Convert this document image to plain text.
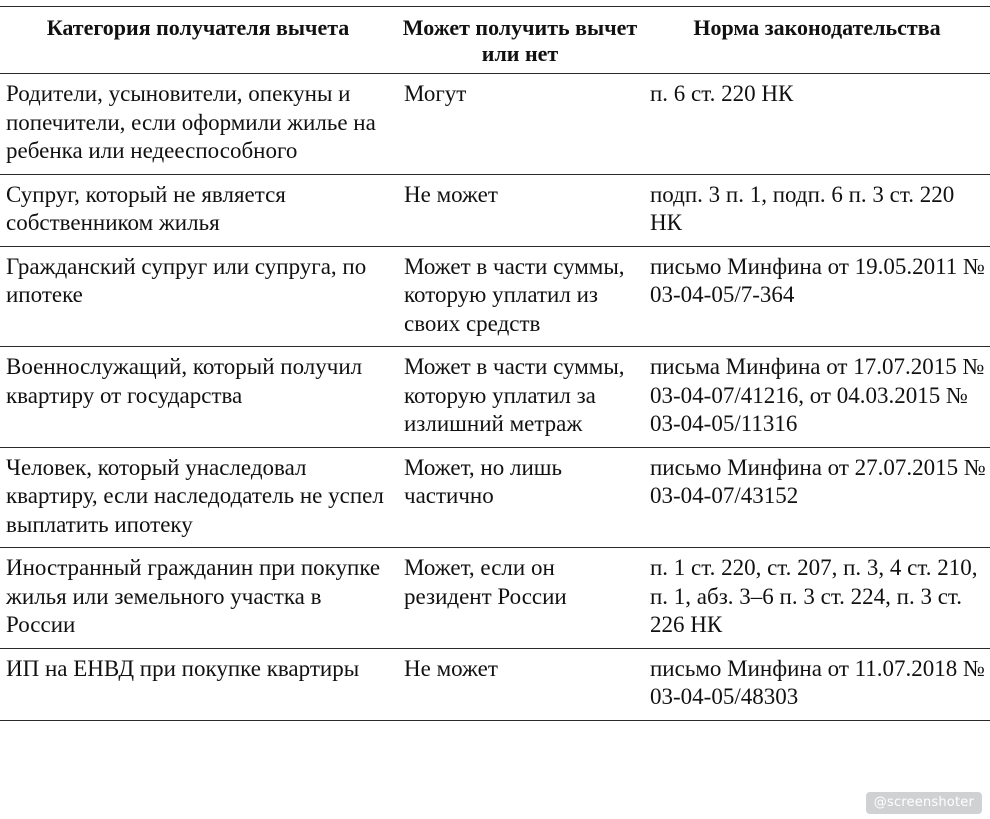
Категория получателя вычета	Может получить вычет или нет	Норма законодательства
Родители, усыновители, опекуны и попечители, если оформили жилье на ребенка или недееспособного	Могут	п. 6 ст. 220 НК
Супруг, который не является собственником жилья	Не может	подп. 3 п. 1, подп. 6 п. 3 ст. 220 НК
Гражданский супруг или супруга, по ипотеке	Может в части суммы, которую уплатил из своих средств	письмо Минфина от 19.05.2011 № 03-04-05/7-364
Военнослужащий, который получил квартиру от государства	Может в части суммы, которую уплатил за излишний метраж	письма Минфина от 17.07.2015 № 03-04-07/41216, от 04.03.2015 № 03-04-05/11316
Человек, который унаследовал квартиру, если наследодатель не успел выплатить ипотеку	Может, но лишь частично	письмо Минфина от 27.07.2015 № 03-04-07/43152
Иностранный гражданин при покупке жилья или земельного участка в России	Может, если он резидент России	п. 1 ст. 220, ст. 207, п. 3, 4 ст. 210, п. 1, абз. 3–6 п. 3 ст. 224, п. 3 ст. 226 НК
ИП на ЕНВД при покупке квартиры	Не может	письмо Минфина от 11.07.2018 № 03-04-05/48303
@screenshoter
